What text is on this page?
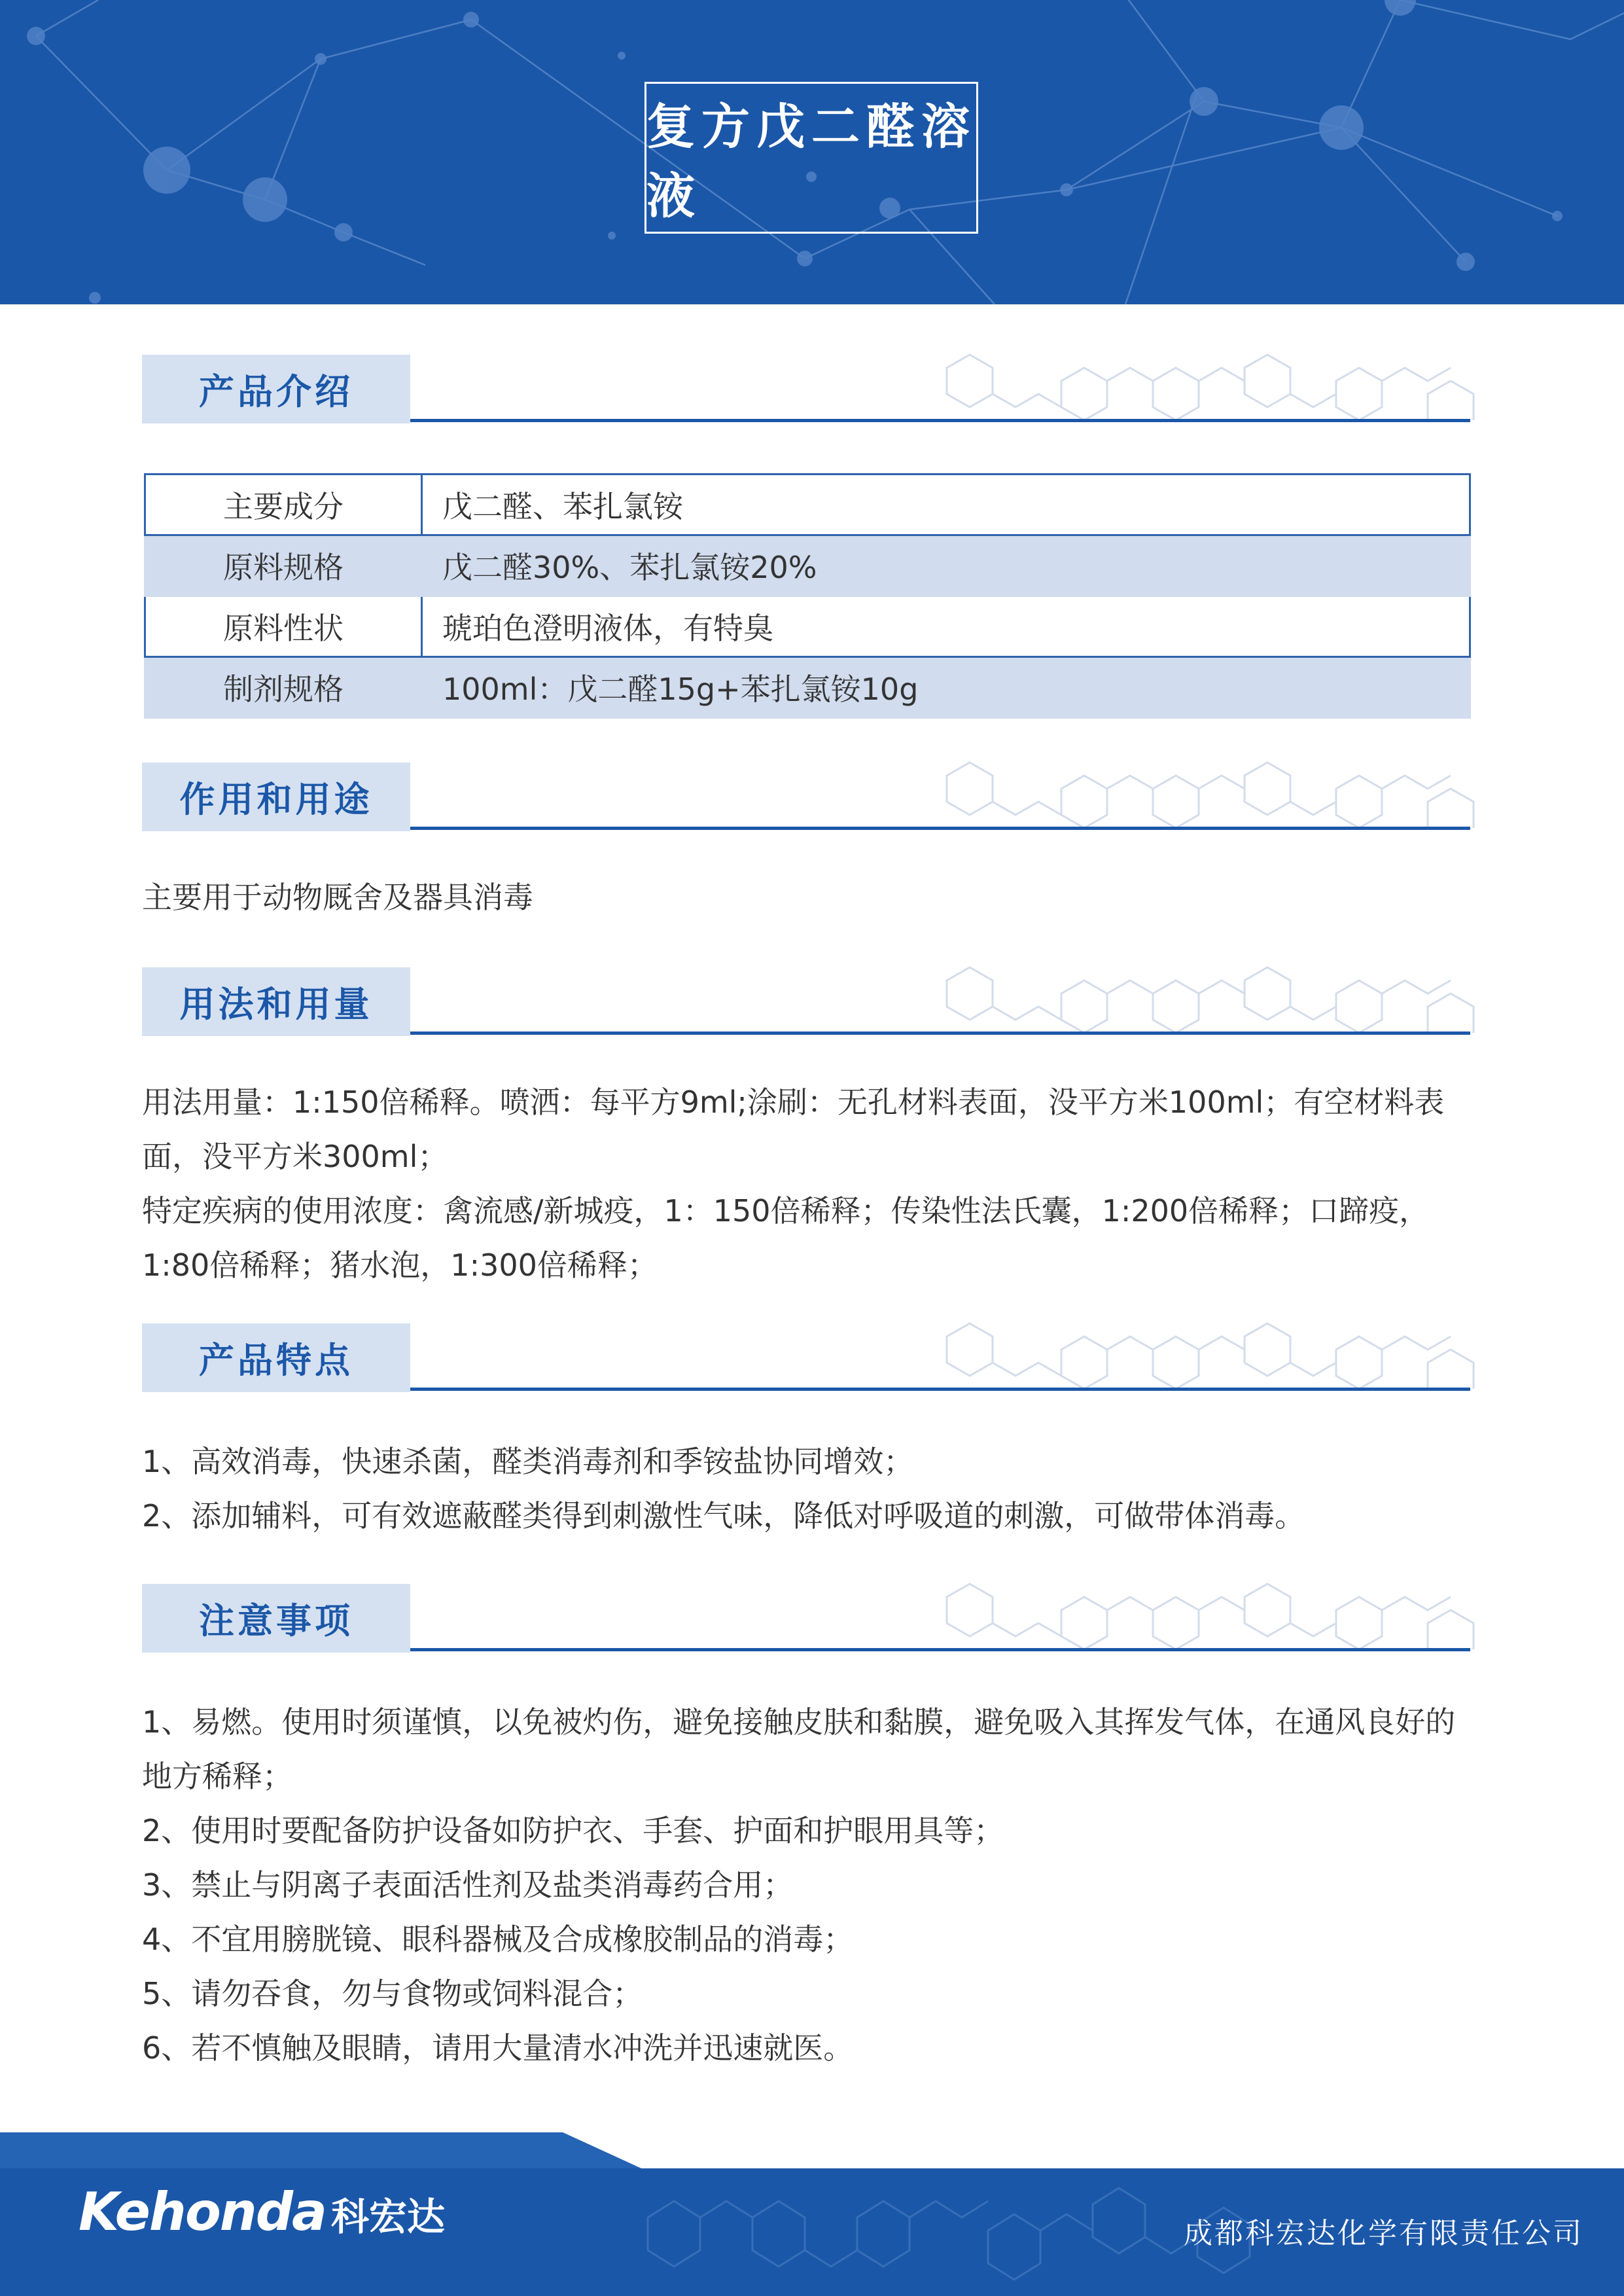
复方戊二醛溶液
产品介绍
主要成分	戊二醛、苯扎氯铵
原料规格	戊二醛30%、苯扎氯铵20%
原料性状	琥珀色澄明液体，有特臭
制剂规格	100ml：戊二醛15g+苯扎氯铵10g
作用和用途

主要用于动物厩舍及器具消毒

用法和用量

用法用量：1:150倍稀释。喷洒：每平方9ml;涂刷：无孔材料表面，没平方米100ml；有空材料表面，没平方米300ml；

特定疾病的使用浓度：禽流感/新城疫，1：150倍稀释；传染性法氏囊，1:200倍稀释；口蹄疫，1:80倍稀释；猪水泡，1:300倍稀释；

产品特点

1、高效消毒，快速杀菌，醛类消毒剂和季铵盐协同增效；

2、添加辅料，可有效遮蔽醛类得到刺激性气味，降低对呼吸道的刺激，可做带体消毒。

注意事项

1、易燃。使用时须谨慎，以免被灼伤，避免接触皮肤和黏膜，避免吸入其挥发气体，在通风良好的地方稀释；

2、使用时要配备防护设备如防护衣、手套、护面和护眼用具等；

3、禁止与阴离子表面活性剂及盐类消毒药合用；

4、不宜用膀胱镜、眼科器械及合成橡胶制品的消毒；

5、请勿吞食，勿与食物或饲料混合；

6、若不慎触及眼睛，请用大量清水冲洗并迅速就医。

Kehonda 科宏达	成都科宏达化学有限责任公司
